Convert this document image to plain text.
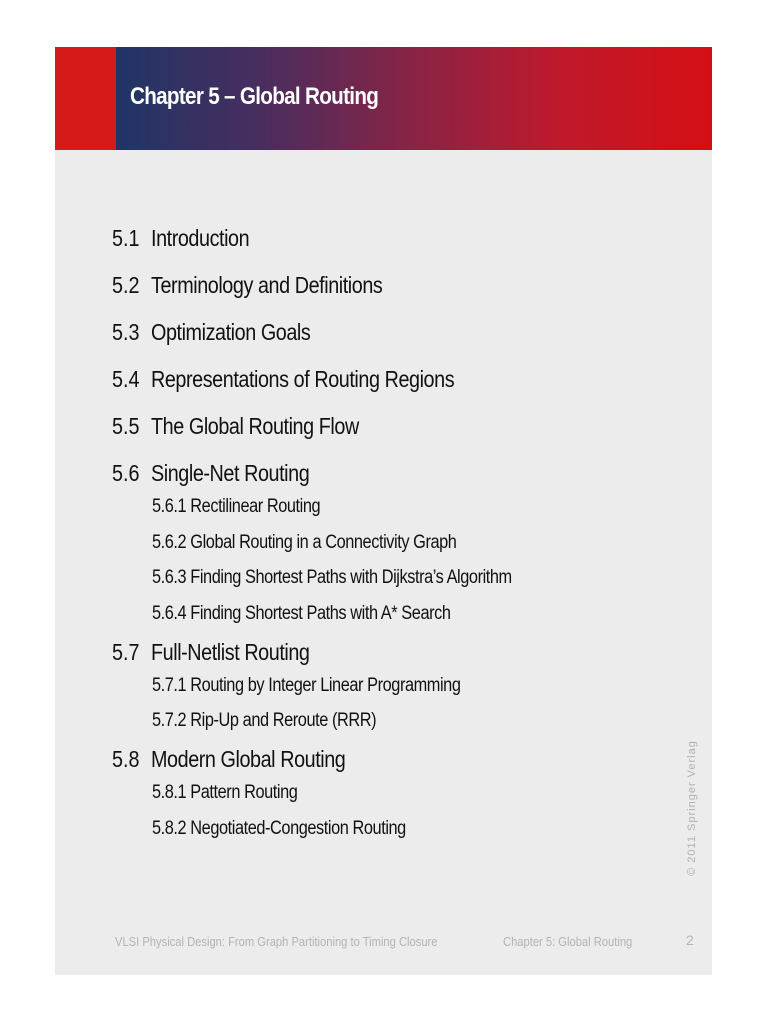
Chapter 5 – Global Routing
5.1 Introduction
5.2 Terminology and Definitions
5.3 Optimization Goals
5.4 Representations of Routing Regions
5.5 The Global Routing Flow
5.6 Single-Net Routing
5.6.1 Rectilinear Routing
5.6.2 Global Routing in a Connectivity Graph
5.6.3 Finding Shortest Paths with Dijkstra’s Algorithm
5.6.4 Finding Shortest Paths with A* Search
5.7 Full-Netlist Routing
5.7.1 Routing by Integer Linear Programming
5.7.2 Rip-Up and Reroute (RRR)
5.8 Modern Global Routing
5.8.1 Pattern Routing
5.8.2 Negotiated-Congestion Routing	© 2011 Springer Verlag
VLSI Physical Design: From Graph Partitioning to Timing Closure	Chapter 5: Global Routing	2
